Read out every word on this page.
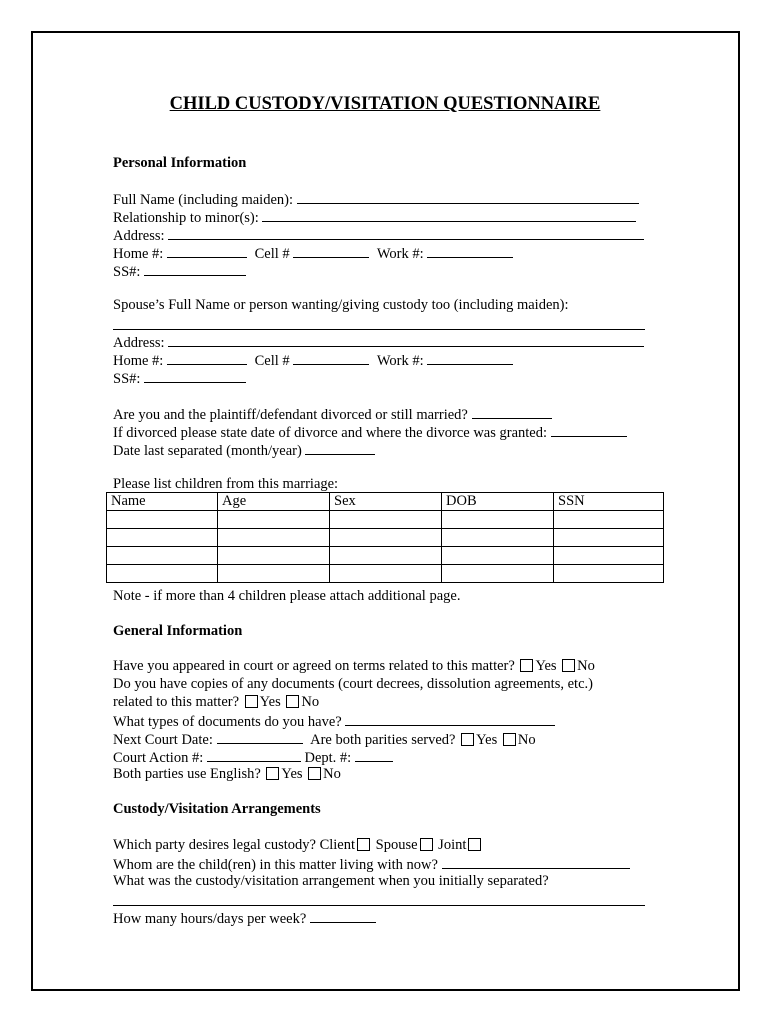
CHILD CUSTODY/VISITATION QUESTIONNAIRE
Personal Information
Full Name (including maiden):
Relationship to minor(s):
Address:
Home #:	Cell #	Work #:
SS#:
Spouse’s Full Name or person wanting/giving custody too (including maiden):
Address:
Home #:	Cell #	Work #:
SS#:
Are you and the plaintiff/defendant divorced or still married?
If divorced please state date of divorce and where the divorce was granted:
Date last separated (month/year)
Please list children from this marriage:
Name	Age	Sex	DOB	SSN

Note - if more than 4 children please attach additional page.
General Information
Have you appeared in court or agreed on terms related to this matter? Yes No
Do you have copies of any documents (court decrees, dissolution agreements, etc.)
related to this matter? Yes No
What types of documents do you have?
Next Court Date:	Are both parities served? Yes No
Court Action #:	Dept. #:
Both parties use English? Yes No
Custody/Visitation Arrangements
Which party desires legal custody? Client Spouse Joint
Whom are the child(ren) in this matter living with now?
What was the custody/visitation arrangement when you initially separated?
How many hours/days per week?
